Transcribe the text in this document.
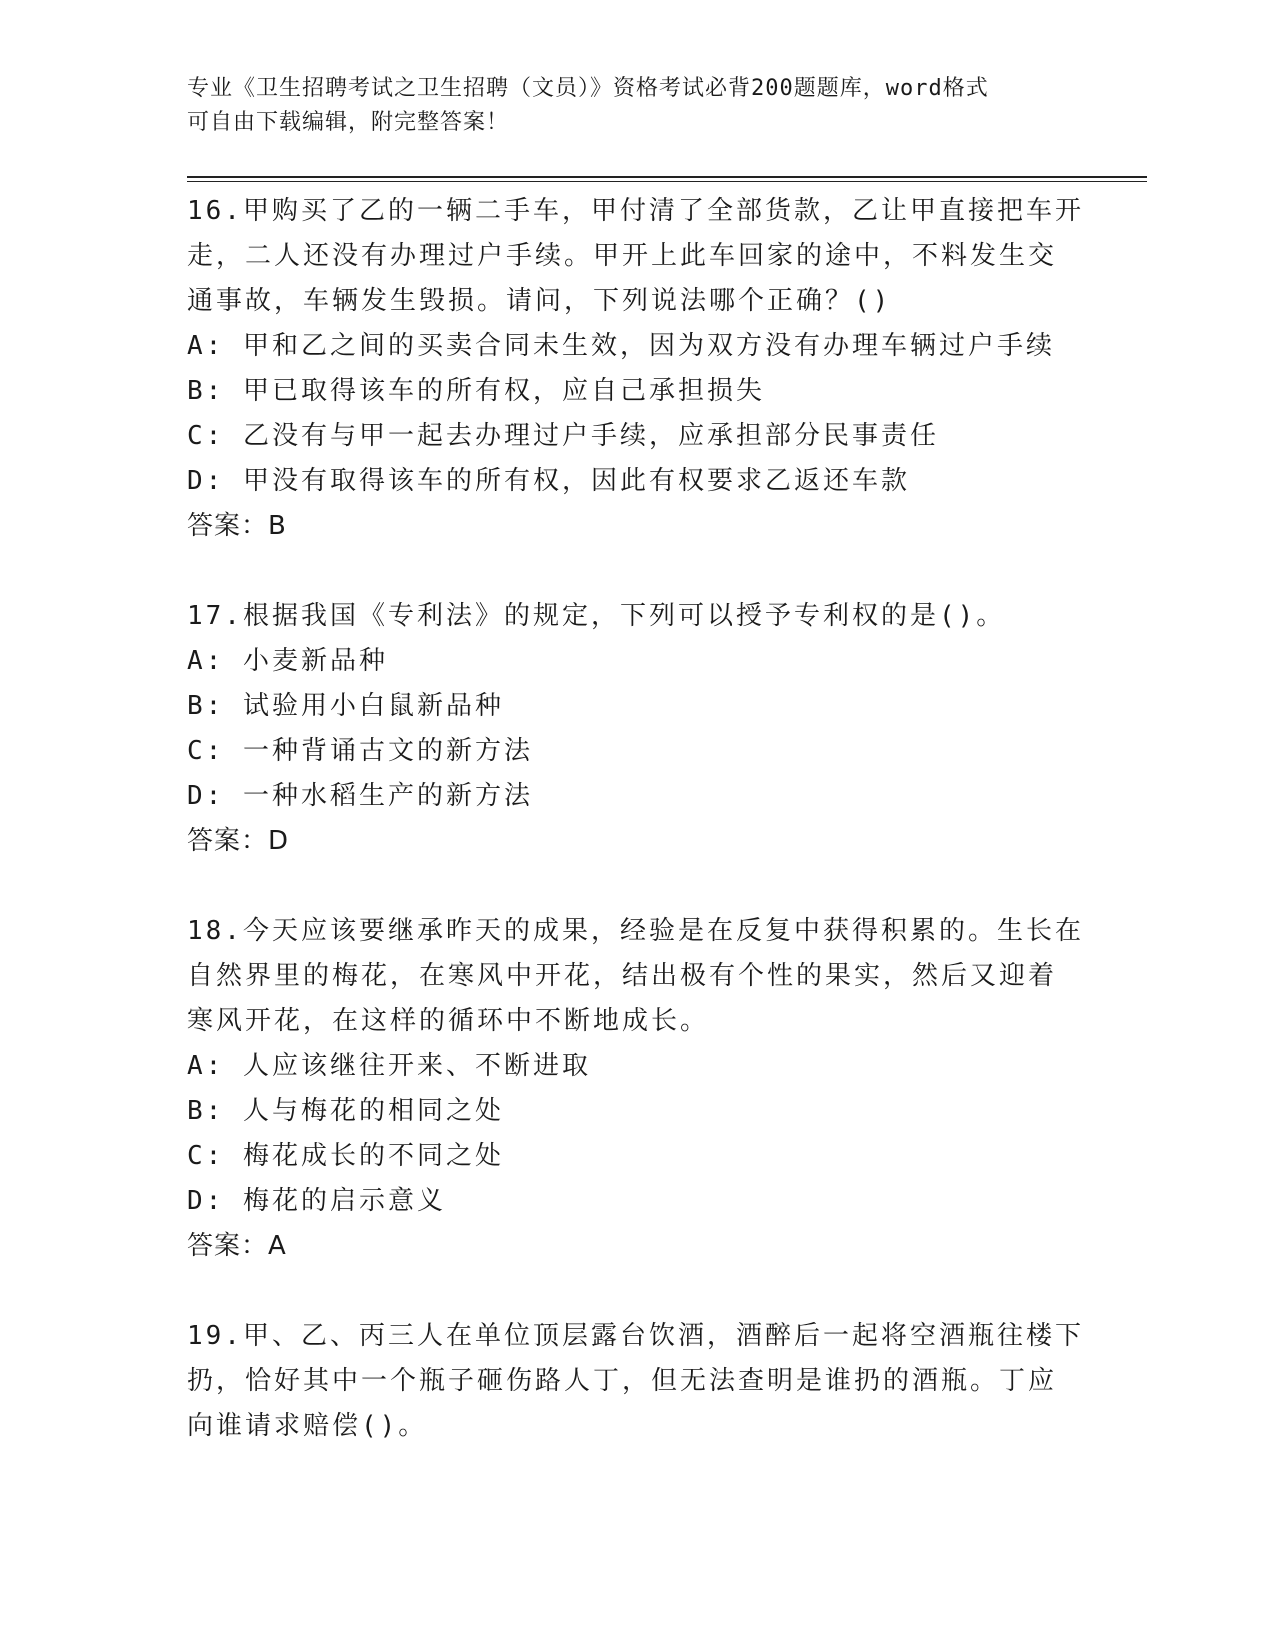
专业《卫生招聘考试之卫生招聘（文员）》资格考试必背200题题库，word格式
可自由下载编辑，附完整答案！
16.甲购买了乙的一辆二手车，甲付清了全部货款，乙让甲直接把车开
走，二人还没有办理过户手续。甲开上此车回家的途中，不料发生交
通事故，车辆发生毁损。请问，下列说法哪个正确？()
A: 甲和乙之间的买卖合同未生效，因为双方没有办理车辆过户手续
B: 甲已取得该车的所有权，应自己承担损失
C: 乙没有与甲一起去办理过户手续，应承担部分民事责任
D: 甲没有取得该车的所有权，因此有权要求乙返还车款
答案：B
17.根据我国《专利法》的规定，下列可以授予专利权的是()。
A: 小麦新品种
B: 试验用小白鼠新品种
C: 一种背诵古文的新方法
D: 一种水稻生产的新方法
答案：D
18.今天应该要继承昨天的成果，经验是在反复中获得积累的。生长在
自然界里的梅花，在寒风中开花，结出极有个性的果实，然后又迎着
寒风开花，在这样的循环中不断地成长。
A: 人应该继往开来、不断进取
B: 人与梅花的相同之处
C: 梅花成长的不同之处
D: 梅花的启示意义
答案：A
19.甲、乙、丙三人在单位顶层露台饮酒，酒醉后一起将空酒瓶往楼下
扔，恰好其中一个瓶子砸伤路人丁，但无法查明是谁扔的酒瓶。丁应
向谁请求赔偿()。
